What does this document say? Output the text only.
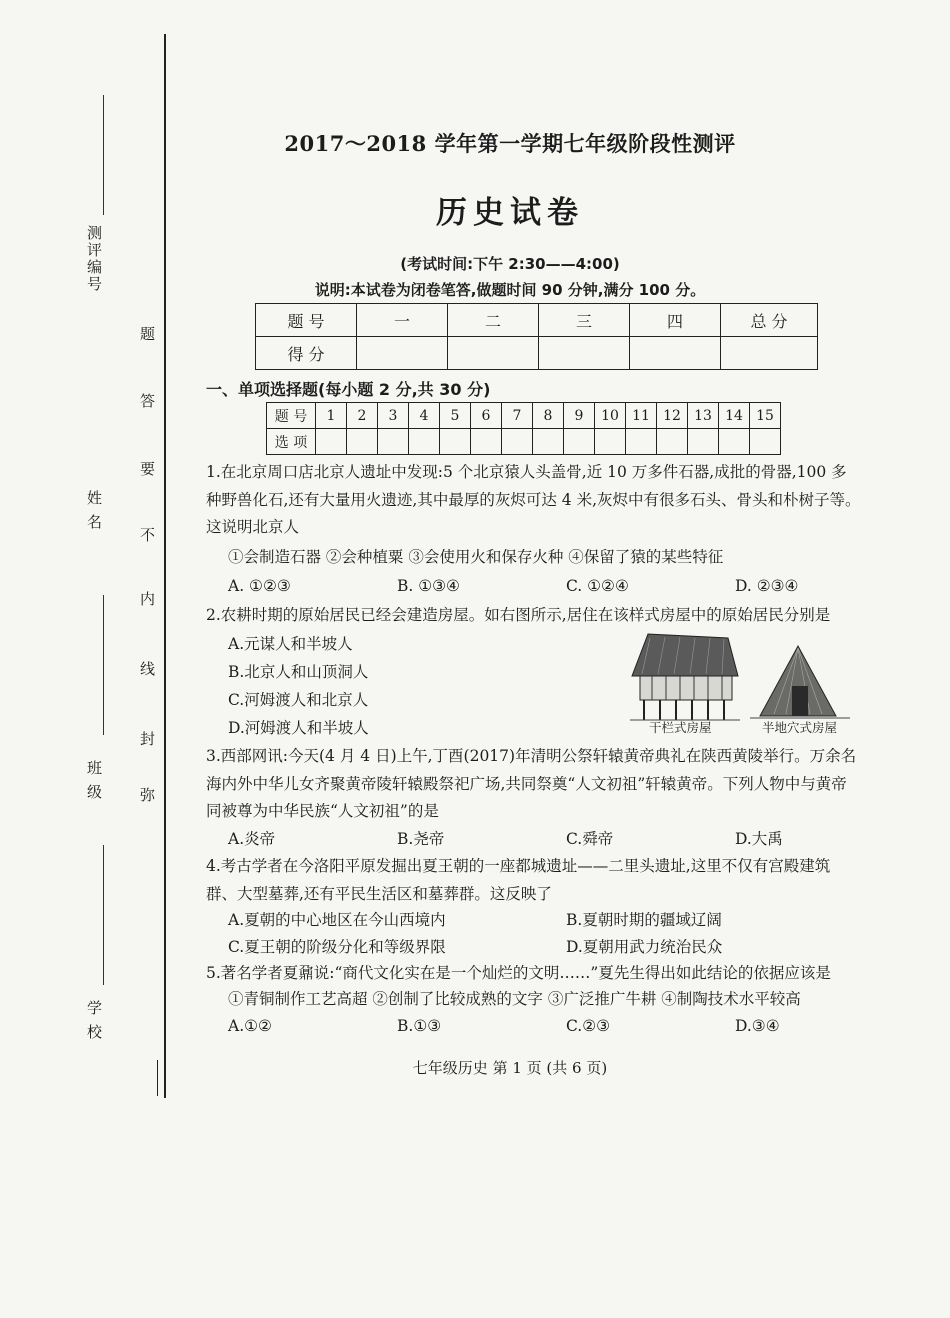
测评编号
姓 名
班 级
学 校
题
答
要
不
内
线
封
弥
2017～2018 学年第一学期七年级阶段性测评
历史试卷
(考试时间:下午 2:30——4:00)
说明:本试卷为闭卷笔答,做题时间 90 分钟,满分 100 分。
题 号	一	二	三	四	总 分
得 分					
一、单项选择题(每小题 2 分,共 30 分)
题 号	1	2	3	4	5	6	7	8	9	10	11	12	13	14	15
选 项															
1.在北京周口店北京人遗址中发现:5 个北京猿人头盖骨,近 10 万多件石器,成批的骨器,100 多种野兽化石,还有大量用火遗迹,其中最厚的灰烬可达 4 米,灰烬中有很多石头、骨头和朴树子等。这说明北京人
①会制造石器 ②会种植粟 ③会使用火和保存火种 ④保留了猿的某些特征
A. ①②③	B. ①③④	C. ①②④	D. ②③④
2.农耕时期的原始居民已经会建造房屋。如右图所示,居住在该样式房屋中的原始居民分别是
A.元谋人和半坡人
B.北京人和山顶洞人
C.河姆渡人和北京人
D.河姆渡人和半坡人	干栏式房屋	半地穴式房屋
3.西部网讯:今天(4 月 4 日)上午,丁酉(2017)年清明公祭轩辕黄帝典礼在陕西黄陵举行。万余名海内外中华儿女齐聚黄帝陵轩辕殿祭祀广场,共同祭奠“人文初祖”轩辕黄帝。下列人物中与黄帝同被尊为中华民族“人文初祖”的是
A.炎帝	B.尧帝	C.舜帝	D.大禹
4.考古学者在今洛阳平原发掘出夏王朝的一座都城遗址——二里头遗址,这里不仅有宫殿建筑群、大型墓葬,还有平民生活区和墓葬群。这反映了
A.夏朝的中心地区在今山西境内	B.夏朝时期的疆域辽阔
C.夏王朝的阶级分化和等级界限	D.夏朝用武力统治民众
5.著名学者夏鼐说:“商代文化实在是一个灿烂的文明……”夏先生得出如此结论的依据应该是
①青铜制作工艺高超 ②创制了比较成熟的文字 ③广泛推广牛耕 ④制陶技术水平较高
A.①②	B.①③	C.②③	D.③④
七年级历史 第 1 页 (共 6 页)
